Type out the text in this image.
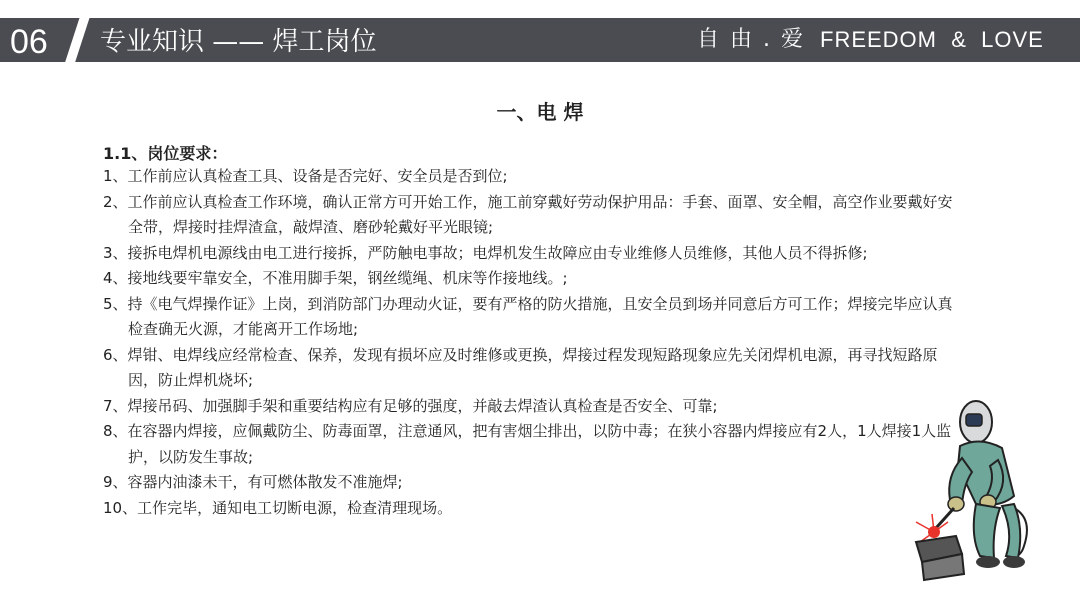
06	专业知识 —— 焊工岗位	自 由 . 爱 FREEDOM  &  LOVE
一、电 焊
1.1、岗位要求：
1、工作前应认真检查工具、设备是否完好、安全员是否到位;
2、工作前应认真检查工作环境，确认正常方可开始工作，施工前穿戴好劳动保护用品：手套、面罩、安全帽，高空作业要戴好安全带，焊接时挂焊渣盒，敲焊渣、磨砂轮戴好平光眼镜;
3、接拆电焊机电源线由电工进行接拆，严防触电事故；电焊机发生故障应由专业维修人员维修，其他人员不得拆修;
4、接地线要牢靠安全，不准用脚手架，钢丝缆绳、机床等作接地线。;
5、持《电气焊操作证》上岗，到消防部门办理动火证，要有严格的防火措施，且安全员到场并同意后方可工作；焊接完毕应认真检查确无火源，才能离开工作场地;
6、焊钳、电焊线应经常检查、保养，发现有损坏应及时维修或更换，焊接过程发现短路现象应先关闭焊机电源，再寻找短路原因，防止焊机烧坏;
7、焊接吊码、加强脚手架和重要结构应有足够的强度，并敲去焊渣认真检查是否安全、可靠;
8、在容器内焊接，应佩戴防尘、防毒面罩，注意通风，把有害烟尘排出，以防中毒；在狭小容器内焊接应有2人，1人焊接1人监护，以防发生事故;
9、容器内油漆未干，有可燃体散发不准施焊;
10、工作完毕，通知电工切断电源，检查清理现场。
